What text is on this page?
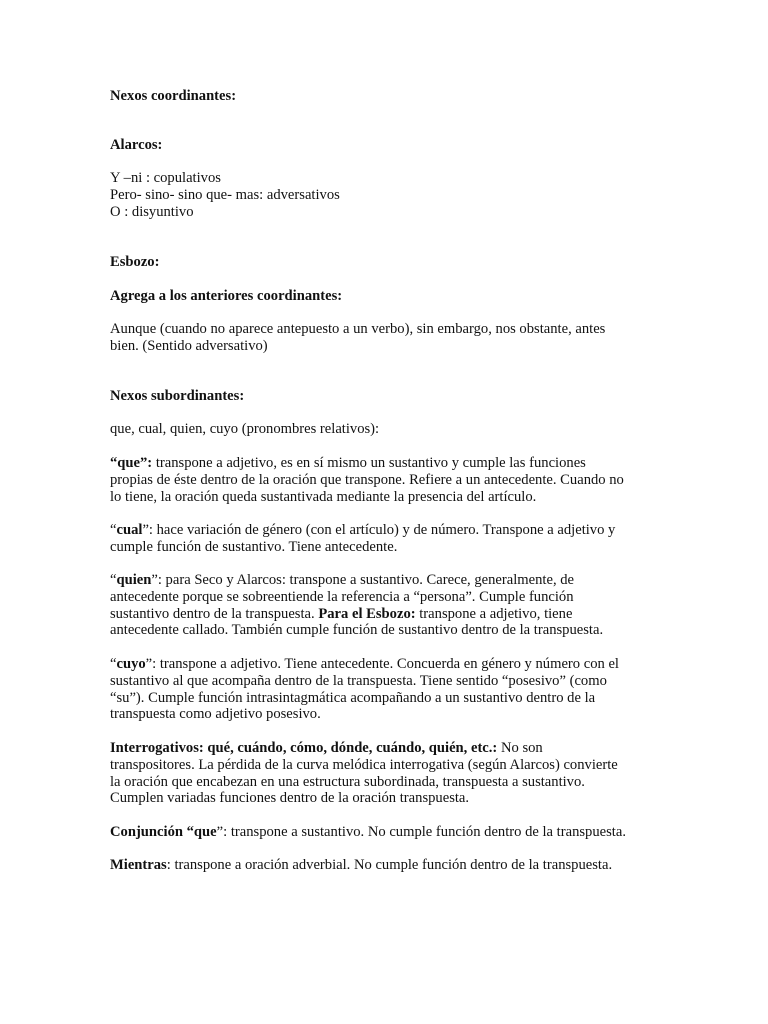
Nexos coordinantes:
Alarcos:
Y –ni : copulativos
Pero- sino- sino que- mas: adversativos
O : disyuntivo
Esbozo:
Agrega a los anteriores coordinantes:
Aunque (cuando no aparece antepuesto a un verbo), sin embargo, nos obstante, antes
bien. (Sentido adversativo)
Nexos subordinantes:
que, cual, quien, cuyo (pronombres relativos):
“que”: transpone a adjetivo, es en sí mismo un sustantivo y cumple las funciones
propias de éste dentro de la oración que transpone. Refiere a un antecedente. Cuando no
lo tiene, la oración queda sustantivada mediante la presencia del artículo.
“cual”: hace variación de género (con el artículo) y de número. Transpone a adjetivo y
cumple función de sustantivo. Tiene antecedente.
“quien”: para Seco y Alarcos: transpone a sustantivo. Carece, generalmente, de
antecedente porque se sobreentiende la referencia a “persona”. Cumple función
sustantivo dentro de la transpuesta. Para el Esbozo: transpone a adjetivo, tiene
antecedente callado. También cumple función de sustantivo dentro de la transpuesta.
“cuyo”: transpone a adjetivo. Tiene antecedente. Concuerda en género y número con el
sustantivo al que acompaña dentro de la transpuesta. Tiene sentido “posesivo” (como
“su”). Cumple función intrasintagmática acompañando a un sustantivo dentro de la
transpuesta como adjetivo posesivo.
Interrogativos: qué, cuándo, cómo, dónde, cuándo, quién, etc.: No son
transpositores. La pérdida de la curva melódica interrogativa (según Alarcos) convierte
la oración que encabezan en una estructura subordinada, transpuesta a sustantivo.
Cumplen variadas funciones dentro de la oración transpuesta.
Conjunción “que”: transpone a sustantivo. No cumple función dentro de la transpuesta.
Mientras: transpone a oración adverbial. No cumple función dentro de la transpuesta.
